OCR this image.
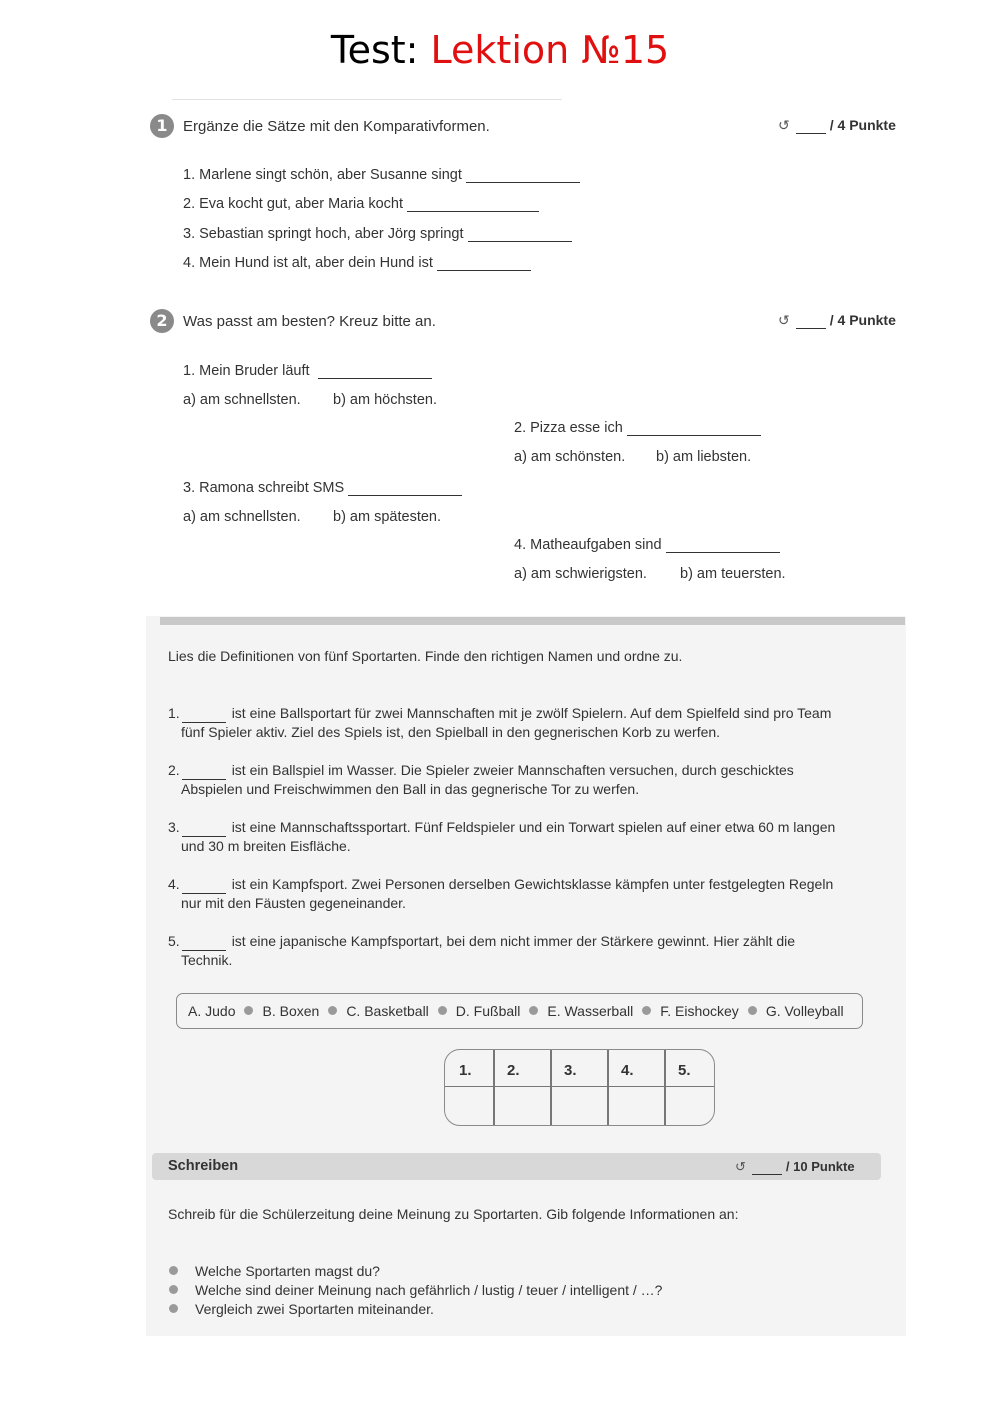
Test: Lektion №15
1	Ergänze die Sätze mit den Komparativformen.	↺	/ 4 Punkte
1. Marlene singt schön, aber Susanne singt
2. Eva kocht gut, aber Maria kocht
3. Sebastian springt hoch, aber Jörg springt
4. Mein Hund ist alt, aber dein Hund ist
2	Was passt am besten? Kreuz bitte an.	↺	/ 4 Punkte
1. Mein Bruder läuft
a) am schnellsten. b) am höchsten.
2. Pizza esse ich
a) am schönsten. b) am liebsten.
3. Ramona schreibt SMS
a) am schnellsten. b) am spätesten.
4. Matheaufgaben sind
a) am schwierigsten. b) am teuersten.
Lies die Definitionen von fünf Sportarten. Finde den richtigen Namen und ordne zu.
1.	ist eine Ballsportart für zwei Mannschaften mit je zwölf Spielern. Auf dem Spielfeld sind pro Team
fünf Spieler aktiv. Ziel des Spiels ist, den Spielball in den gegnerischen Korb zu werfen.
2.	ist ein Ballspiel im Wasser. Die Spieler zweier Mannschaften versuchen, durch geschicktes
Abspielen und Freischwimmen den Ball in das gegnerische Tor zu werfen.
3.	ist eine Mannschaftssportart. Fünf Feldspieler und ein Torwart spielen auf einer etwa 60 m langen
und 30 m breiten Eisfläche.
4.	ist ein Kampfsport. Zwei Personen derselben Gewichtsklasse kämpfen unter festgelegten Regeln
nur mit den Fäusten gegeneinander.
5.	ist eine japanische Kampfsportart, bei dem nicht immer der Stärkere gewinnt. Hier zählt die
Technik.
A. Judo B. Boxen C. Basketball D. Fußball E. Wasserball F. Eishockey G. Volleyball
1.	2.	3.	4.	5.
Schreiben	↺	/ 10 Punkte
Schreib für die Schülerzeitung deine Meinung zu Sportarten. Gib folgende Informationen an:
Welche Sportarten magst du?
Welche sind deiner Meinung nach gefährlich / lustig / teuer / intelligent / …?
Vergleich zwei Sportarten miteinander.
